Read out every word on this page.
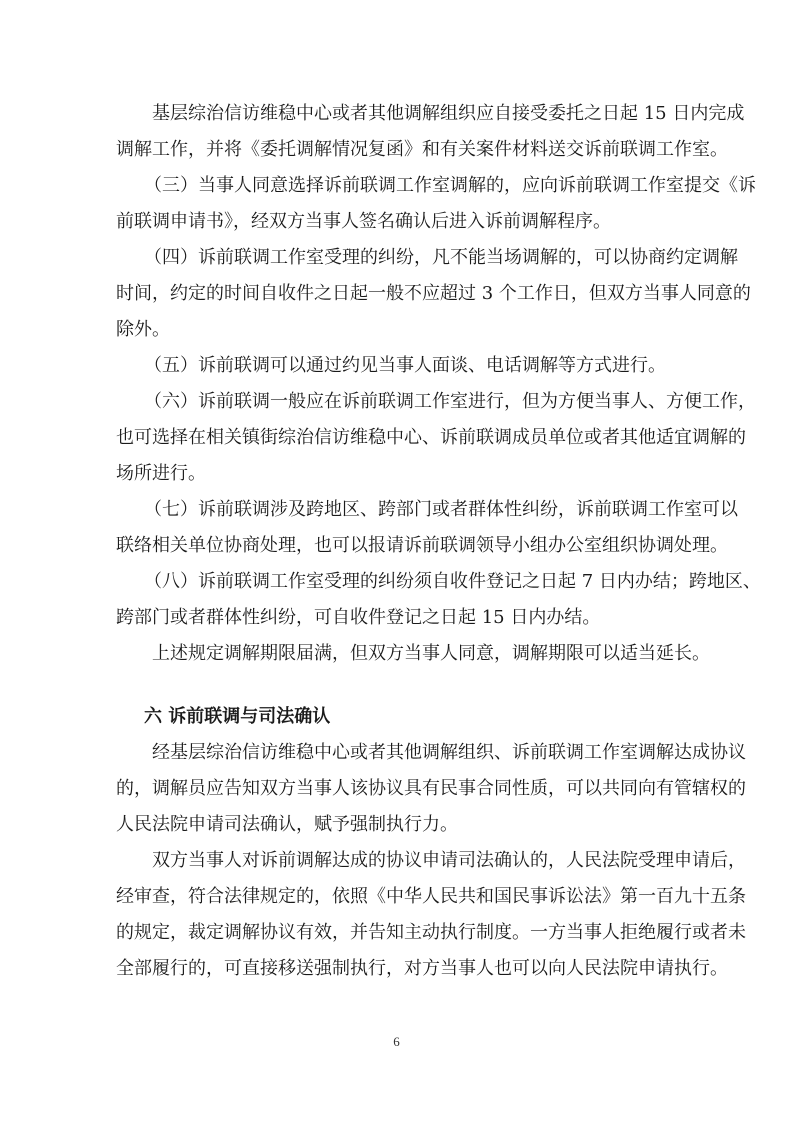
基层综治信访维稳中心或者其他调解组织应自接受委托之日起 15 日内完成
调解工作，并将《委托调解情况复函》和有关案件材料送交诉前联调工作室。
（三）当事人同意选择诉前联调工作室调解的，应向诉前联调工作室提交《诉
前联调申请书》，经双方当事人签名确认后进入诉前调解程序。
（四）诉前联调工作室受理的纠纷，凡不能当场调解的，可以协商约定调解
时间，约定的时间自收件之日起一般不应超过 3 个工作日，但双方当事人同意的
除外。
（五）诉前联调可以通过约见当事人面谈、电话调解等方式进行。
（六）诉前联调一般应在诉前联调工作室进行，但为方便当事人、方便工作，
也可选择在相关镇街综治信访维稳中心、诉前联调成员单位或者其他适宜调解的
场所进行。
（七）诉前联调涉及跨地区、跨部门或者群体性纠纷，诉前联调工作室可以
联络相关单位协商处理，也可以报请诉前联调领导小组办公室组织协调处理。
（八）诉前联调工作室受理的纠纷须自收件登记之日起 7 日内办结；跨地区、
跨部门或者群体性纠纷，可自收件登记之日起 15 日内办结。
上述规定调解期限届满，但双方当事人同意，调解期限可以适当延长。
六 诉前联调与司法确认
经基层综治信访维稳中心或者其他调解组织、诉前联调工作室调解达成协议
的，调解员应告知双方当事人该协议具有民事合同性质，可以共同向有管辖权的
人民法院申请司法确认，赋予强制执行力。
双方当事人对诉前调解达成的协议申请司法确认的，人民法院受理申请后，
经审查，符合法律规定的，依照《中华人民共和国民事诉讼法》第一百九十五条
的规定，裁定调解协议有效，并告知主动执行制度。一方当事人拒绝履行或者未
全部履行的，可直接移送强制执行，对方当事人也可以向人民法院申请执行。
6
